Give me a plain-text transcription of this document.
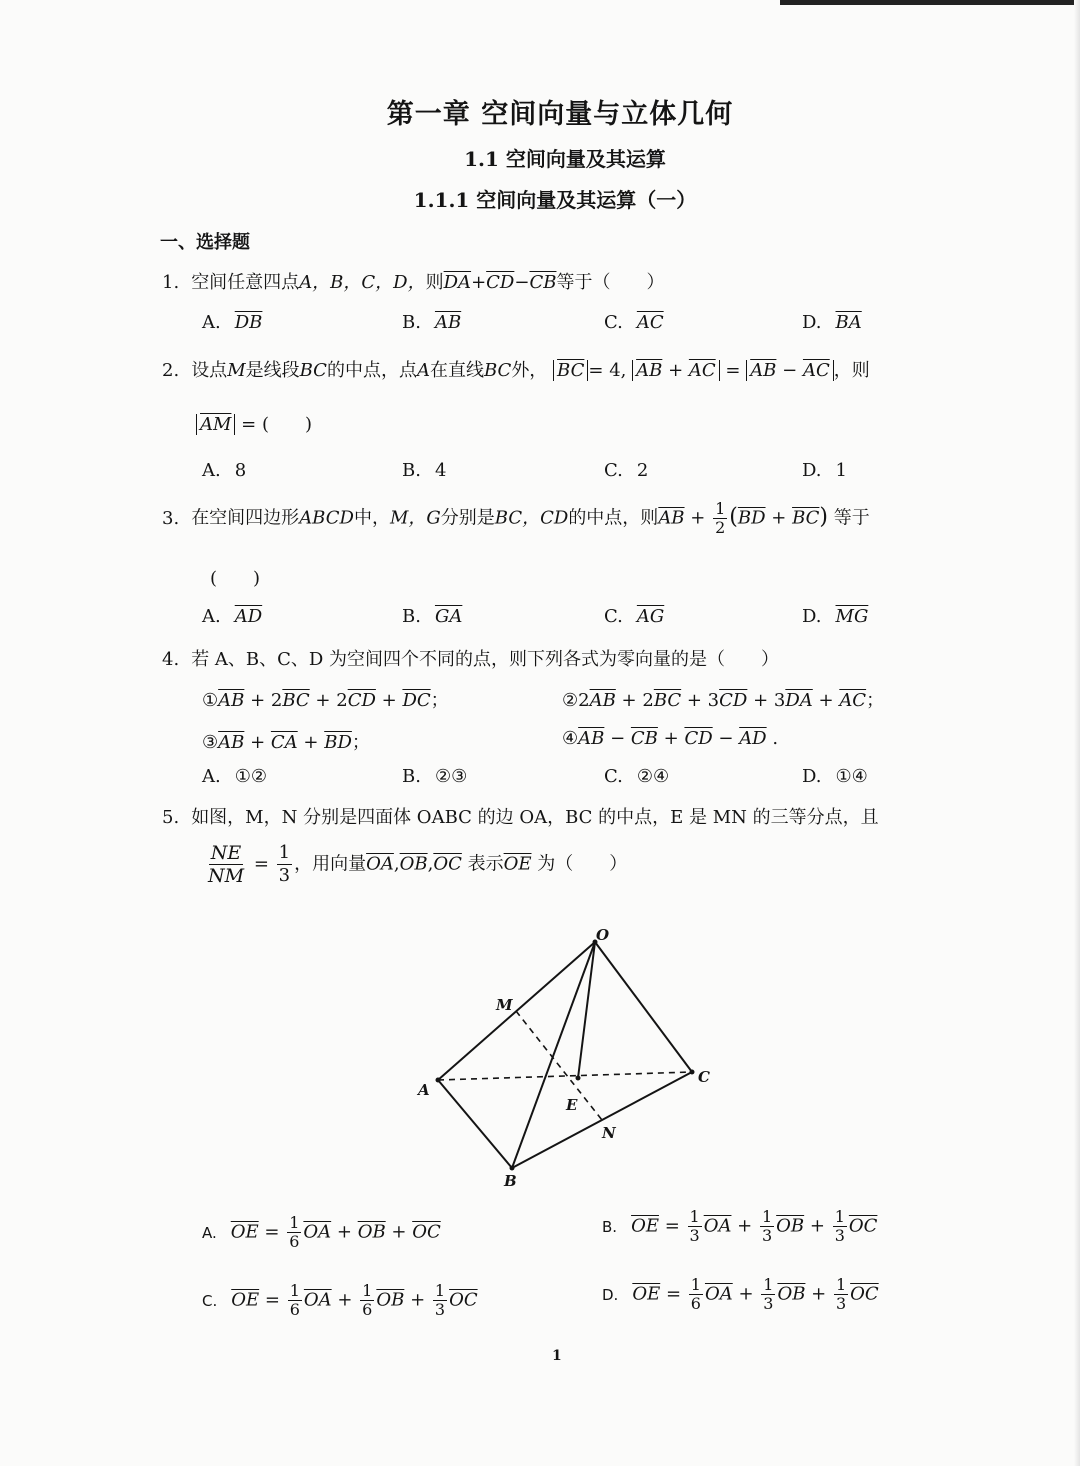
第一章 空间向量与立体几何
1.1 空间向量及其运算
1.1.1 空间向量及其运算（一）
一、选择题
1. 空间任意四点A，B，C，D，则$\overline{DA}+\overline{CD}-\overline{CB}$等于（　　）
A. $\overline{DB}$	B. $\overline{AB}$	C. $\overline{AC}$	D. $\overline{BA}$
2. 设点M是线段BC的中点，点A在直线BC外， $\overline{BC} = 4$, $\overline{AB} + \overline{AC} = \overline{AB} - \overline{AC}$ ，则
$\overline{AM}$ = (　　)
A. 8	B. 4	C. 2	D. 1
3. 在空间四边形ABCD中，M，G分别是BC，CD的中点，则$\overline{AB} + \frac{1}{2} (\overline{BD} + \overline{BC})$ 等于
(　　)
A. $\overline{AD}$	B. $\overline{GA}$	C. $\overline{AG}$	D. $\overline{MG}$
4. 若 A、B、C、D 为空间四个不同的点，则下列各式为零向量的是（　　）
$①\overline{AB} + 2\overline{BC} + 2\overline{CD} + \overline{DC}$；	$②2\overline{AB} + 2\overline{BC} + 3\overline{CD} + 3\overline{DA} + \overline{AC}$；
$③\overline{AB} + \overline{CA} + \overline{BD}$；	$④\overline{AB} - \overline{CB} + \overline{CD} - \overline{AD}$ .
A. ①②	B. ②③	C. ②④	D. ①④
5. 如图，M，N 分别是四面体 OABC 的边 OA，BC 的中点，E 是 MN 的三等分点，且
$\frac{NE}{NM} = \frac{1}{3}$ ，用向量$\overline{OA},\overline{OB},\overline{OC}$ 表示$\overline{OE}$ 为（　　）
O
M
A
C
E
N
B
A. $\overline{OE} = \frac{1}{6} \overline{OA} + \overline{OB} + \overline{OC}$	B. $\overline{OE} = \frac{1}{3} \overline{OA} + \frac{1}{3} \overline{OB} + \frac{1}{3} \overline{OC}$
C. $\overline{OE} = \frac{1}{6} \overline{OA} + \frac{1}{6} \overline{OB} + \frac{1}{3} \overline{OC}$	D. $\overline{OE} = \frac{1}{6} \overline{OA} + \frac{1}{3} \overline{OB} + \frac{1}{3} \overline{OC}$
1
